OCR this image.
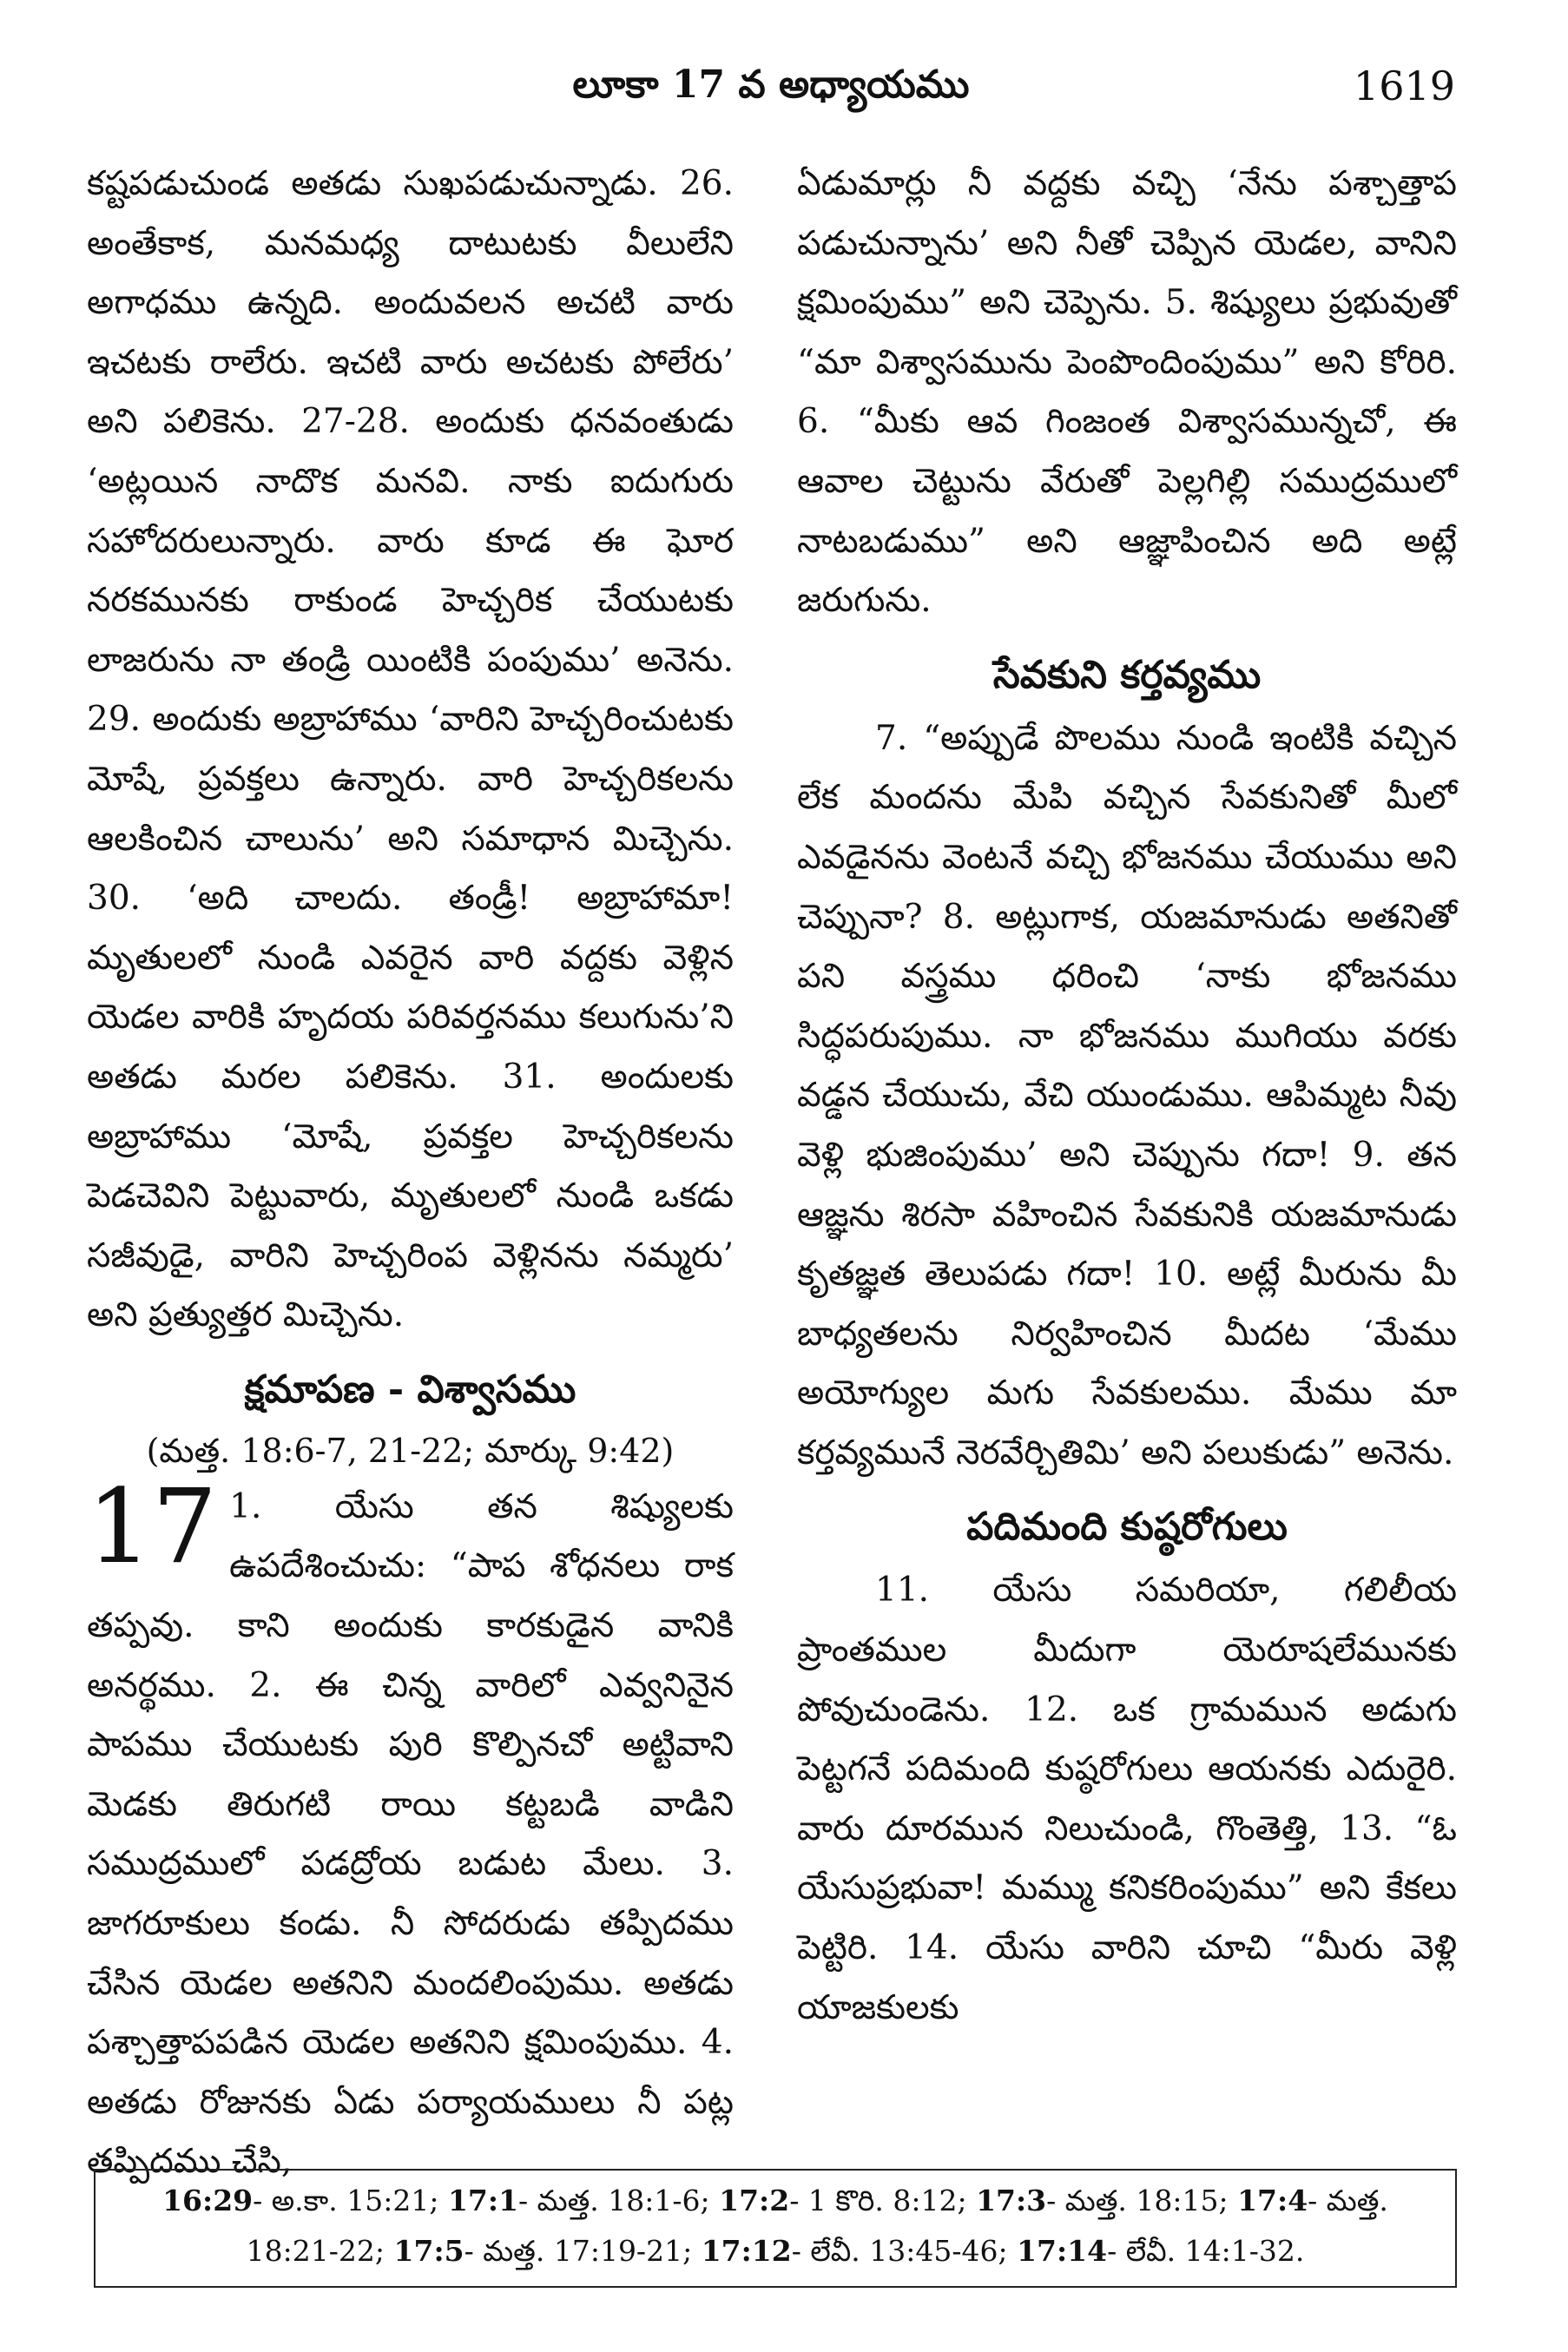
లూకా 17 వ అధ్యాయము	1619

కష్టపడుచుండ అతడు సుఖపడుచున్నాడు. 26. అంతేకాక, మనమధ్య దాటుటకు వీలులేని అగాధము ఉన్నది. అందువలన అచటి వారు ఇచటకు రాలేరు. ఇచటి వారు అచటకు పోలేరు’ అని పలికెను. 27-28. అందుకు ధనవంతుడు ‘అట్లయిన నాదొక మనవి. నాకు ఐదుగురు సహోదరులున్నారు. వారు కూడ ఈ ఘోర నరకమునకు రాకుండ హెచ్చరిక చేయుటకు లాజరును నా తండ్రి యింటికి పంపుము’ అనెను. 29. అందుకు అబ్రాహాము ‘వారిని హెచ్చరించుటకు మోషే, ప్రవక్తలు ఉన్నారు. వారి హెచ్చరికలను ఆలకించిన చాలును’ అని సమాధాన మిచ్చెను. 30. ‘అది చాలదు. తండ్రీ! అబ్రాహామా! మృతులలో నుండి ఎవరైన వారి వద్దకు వెళ్లిన యెడల వారికి హృదయ పరివర్తనము కలుగును’ని అతడు మరల పలికెను. 31. అందులకు అబ్రాహాము ‘మోషే, ప్రవక్తల హెచ్చరికలను పెడచెవిని పెట్టువారు, మృతులలో నుండి ఒకడు సజీవుడై, వారిని హెచ్చరింప వెళ్లినను నమ్మరు’ అని ప్రత్యుత్తర మిచ్చెను.

క్షమాపణ - విశ్వాసము
(మత్త. 18:6-7, 21-22; మార్కు 9:42)

17 1. యేసు తన శిష్యులకు ఉపదేశించుచు: “పాప శోధనలు రాక తప్పవు. కాని అందుకు కారకుడైన వానికి అనర్థము. 2. ఈ చిన్న వారిలో ఎవ్వనినైన పాపము చేయుటకు పురి కొల్పినచో అట్టివాని మెడకు తిరుగటి రాయి కట్టబడి వాడిని సముద్రములో పడద్రోయ బడుట మేలు. 3. జాగరూకులు కండు. నీ సోదరుడు తప్పిదము చేసిన యెడల అతనిని మందలింపుము. అతడు పశ్చాత్తాపపడిన యెడల అతనిని క్షమింపుము. 4. అతడు రోజునకు ఏడు పర్యాయములు నీ పట్ల తప్పిదము చేసి,

ఏడుమార్లు నీ వద్దకు వచ్చి ‘నేను పశ్చాత్తాప పడుచున్నాను’ అని నీతో చెప్పిన యెడల, వానిని క్షమింపుము” అని చెప్పెను. 5. శిష్యులు ప్రభువుతో “మా విశ్వాసమును పెంపొందింపుము” అని కోరిరి. 6. “మీకు ఆవ గింజంత విశ్వాసమున్నచో, ఈ ఆవాల చెట్టును వేరుతో పెల్లగిల్లి సముద్రములో నాటబడుము” అని ఆజ్ఞాపించిన అది అట్లే జరుగును.

సేవకుని కర్తవ్యము

7. “అప్పుడే పొలము నుండి ఇంటికి వచ్చిన లేక మందను మేపి వచ్చిన సేవకునితో మీలో ఎవడైనను వెంటనే వచ్చి భోజనము చేయుము అని చెప్పునా? 8. అట్లుగాక, యజమానుడు అతనితో పని వస్త్రము ధరించి ‘నాకు భోజనము సిద్ధపరుపుము. నా భోజనము ముగియు వరకు వడ్డన చేయుచు, వేచి యుండుము. ఆపిమ్మట నీవు వెళ్లి భుజింపుము’ అని చెప్పును గదా! 9. తన ఆజ్ఞను శిరసా వహించిన సేవకునికి యజమానుడు కృతజ్ఞత తెలుపడు గదా! 10. అట్లే మీరును మీ బాధ్యతలను నిర్వహించిన మీదట ‘మేము అయోగ్యుల మగు సేవకులము. మేము మా కర్తవ్యమునే నెరవేర్చితిమి’ అని పలుకుడు” అనెను.

పదిమంది కుష్ఠరోగులు

11. యేసు సమరియా, గలిలీయ ప్రాంతముల మీదుగా యెరూషలేమునకు పోవుచుండెను. 12. ఒక గ్రామమున అడుగు పెట్టగనే పదిమంది కుష్ఠరోగులు ఆయనకు ఎదురైరి. వారు దూరమున నిలుచుండి, గొంతెత్తి, 13. “ఓ యేసుప్రభువా! మమ్ము కనికరింపుము” అని కేకలు పెట్టిరి. 14. యేసు వారిని చూచి “మీరు వెళ్లి యాజకులకు

16:29- అ.కా. 15:21; 17:1- మత్త. 18:1-6; 17:2- 1 కొరి. 8:12; 17:3- మత్త. 18:15; 17:4- మత్త.
18:21-22; 17:5- మత్త. 17:19-21; 17:12- లేవీ. 13:45-46; 17:14- లేవీ. 14:1-32.
